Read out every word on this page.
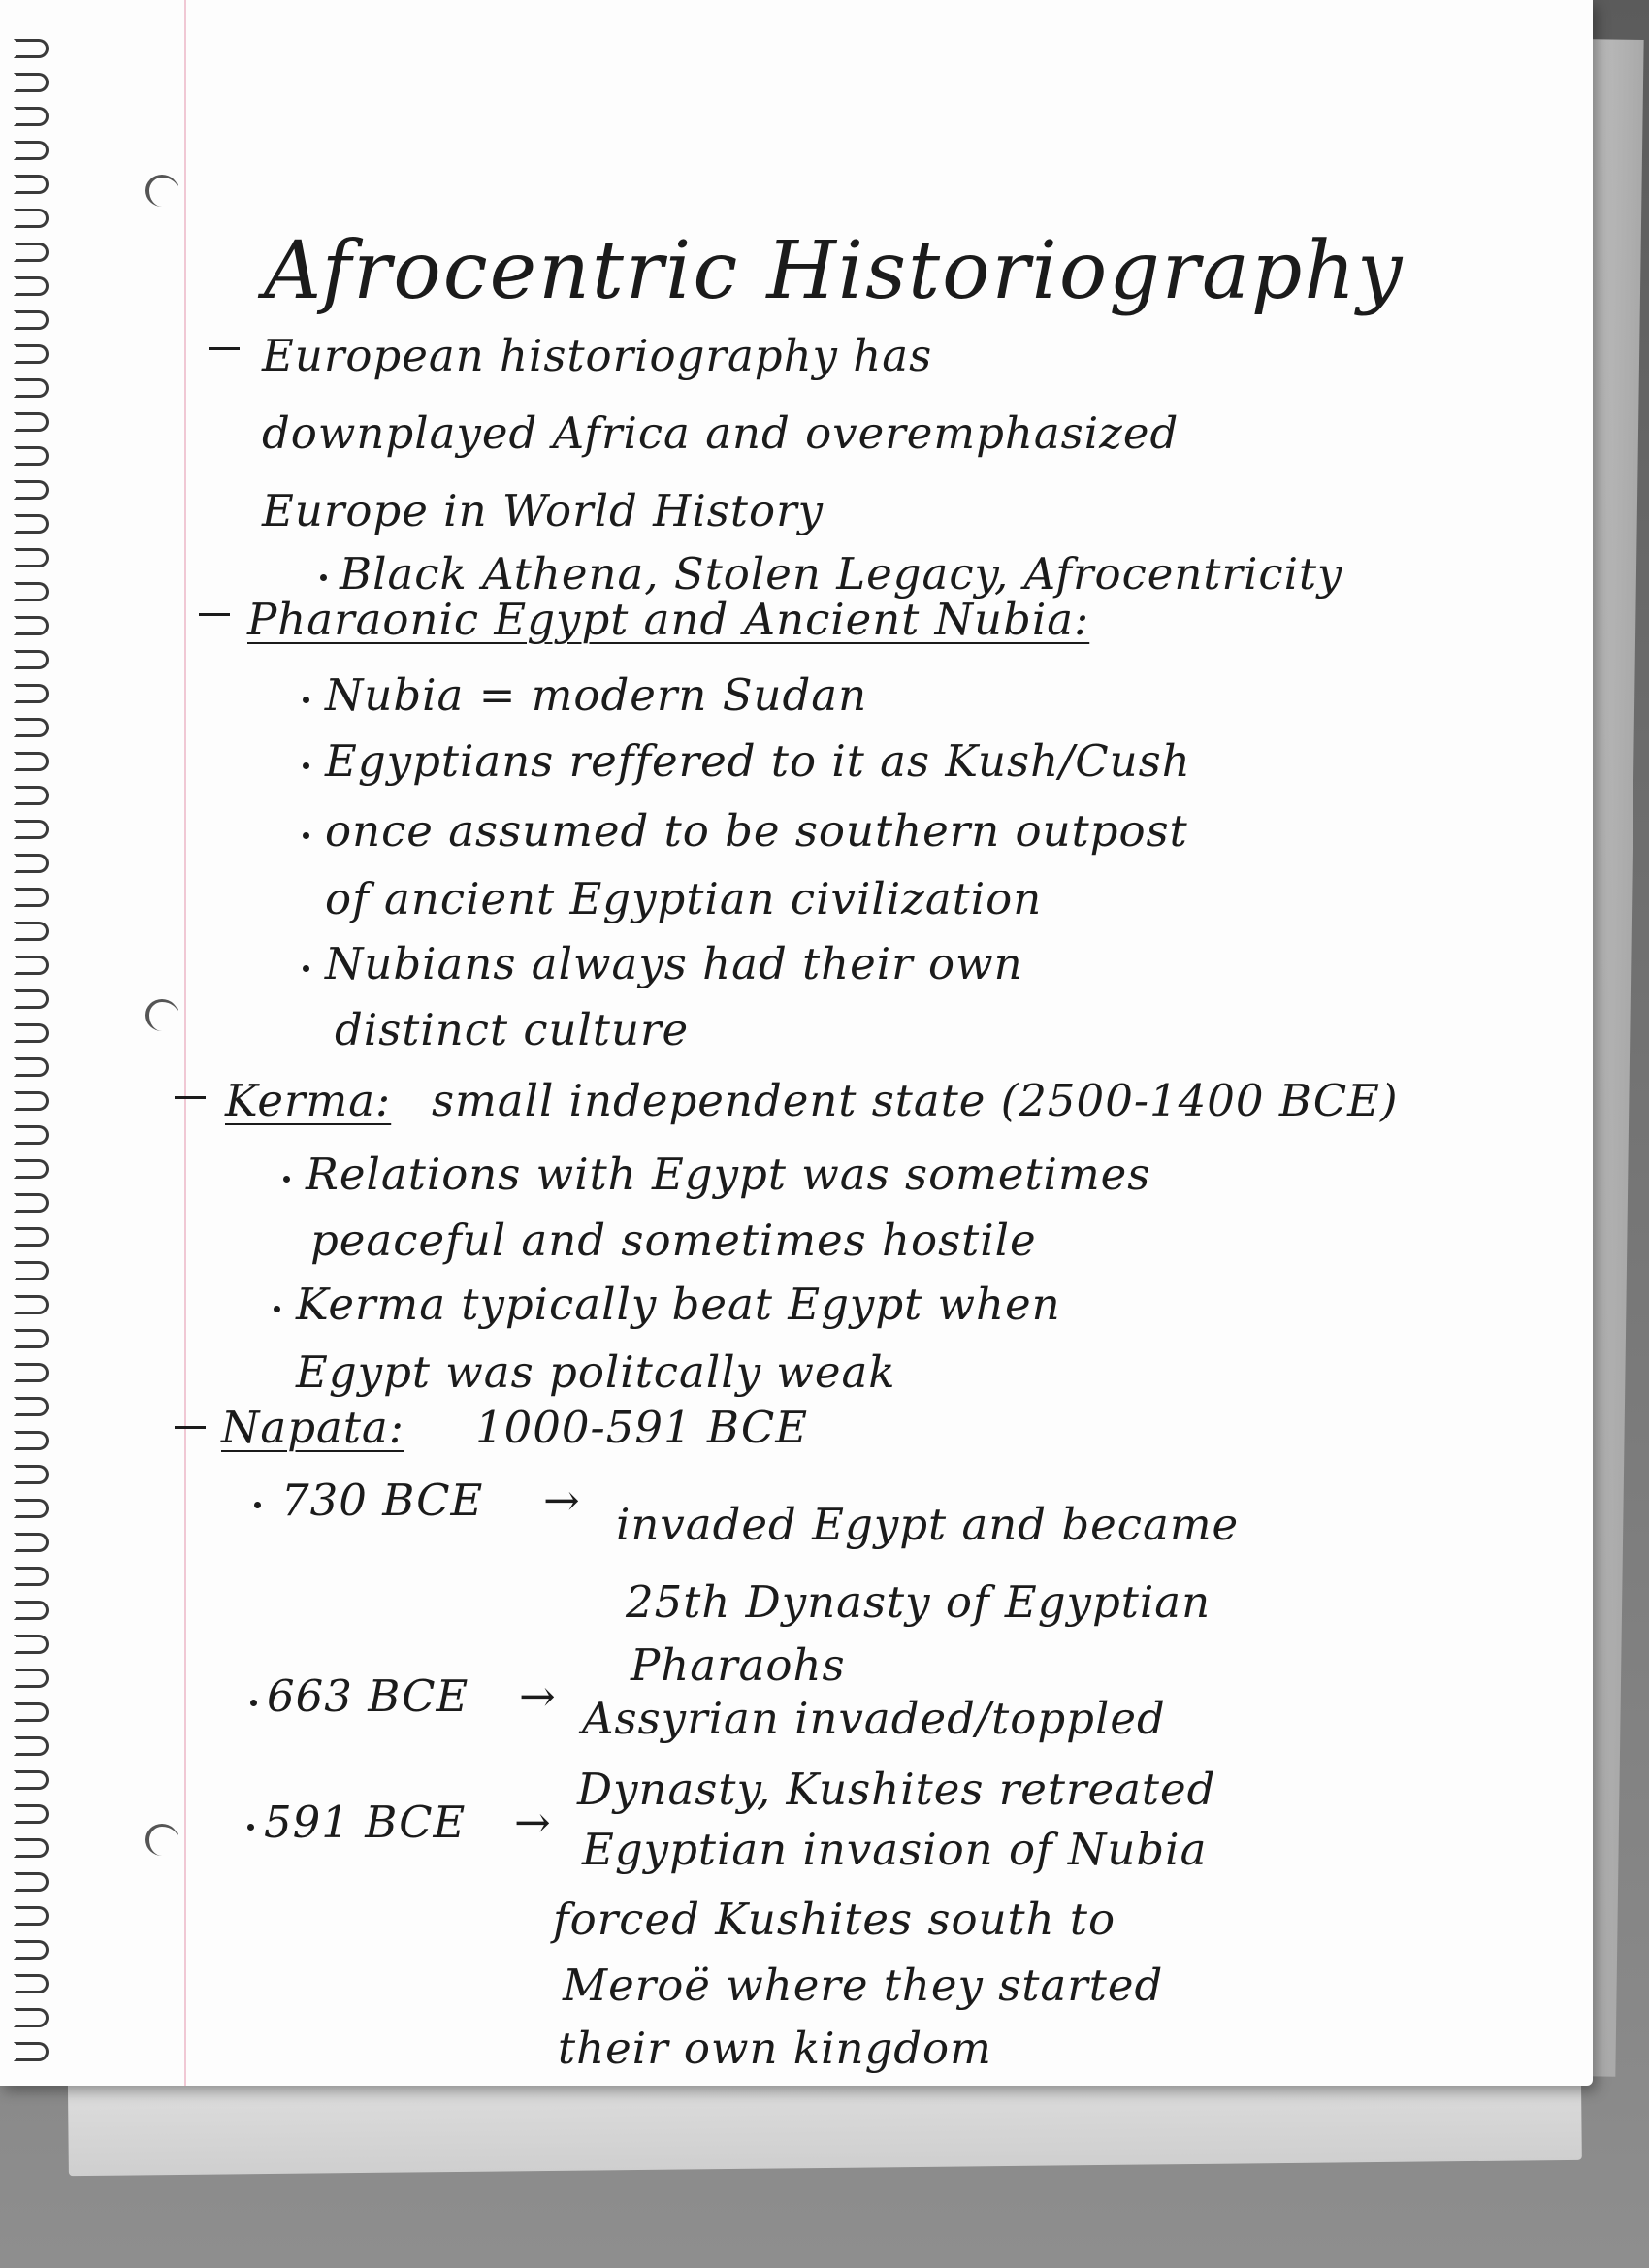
Afrocentric Historiography
European historiography has
downplayed Africa and overemphasized
Europe in World History
Black Athena, Stolen Legacy, Afrocentricity
Pharaonic Egypt and Ancient Nubia:
Nubia = modern Sudan
Egyptians reffered to it as Kush/Cush
once assumed to be southern outpost
of ancient Egyptian civilization
Nubians always had their own
distinct culture
Kerma: small independent state (2500-1400 BCE)
Relations with Egypt was sometimes
peaceful and sometimes hostile
Kerma typically beat Egypt when
Egypt was politcally weak
Napata: 1000-591 BCE
730 BCE → invaded Egypt and became
25th Dynasty of Egyptian
Pharaohs
663 BCE → Assyrian invaded/toppled
Dynasty, Kushites retreated
591 BCE →
Egyptian invasion of Nubia
forced Kushites south to
Meroë where they started
their own kingdom
